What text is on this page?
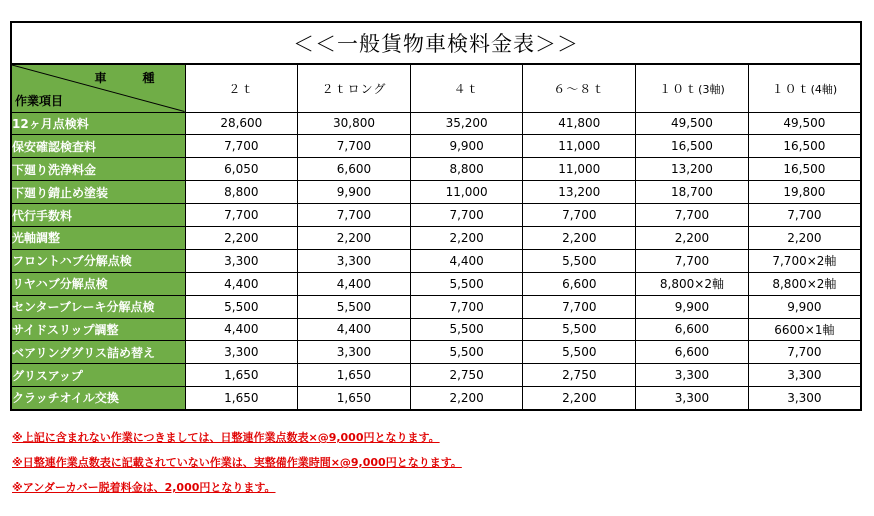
＜＜一般貨物車検料金表＞＞
車　種
作業項目	２ｔ	２ｔロング	４ｔ	６～８ｔ	１０ｔ(3軸)	１０ｔ(4軸)
12ヶ月点検料	28,600	30,800	35,200	41,800	49,500	49,500
保安確認検査料	7,700	7,700	9,900	11,000	16,500	16,500
下廻り洗浄料金	6,050	6,600	8,800	11,000	13,200	16,500
下廻り錆止め塗装	8,800	9,900	11,000	13,200	18,700	19,800
代行手数料	7,700	7,700	7,700	7,700	7,700	7,700
光軸調整	2,200	2,200	2,200	2,200	2,200	2,200
フロントハブ分解点検	3,300	3,300	4,400	5,500	7,700	7,700×2軸
リヤハブ分解点検	4,400	4,400	5,500	6,600	8,800×2軸	8,800×2軸
センターブレーキ分解点検	5,500	5,500	7,700	7,700	9,900	9,900
サイドスリップ調整	4,400	4,400	5,500	5,500	6,600	6600×1軸
ベアリンググリス詰め替え	3,300	3,300	5,500	5,500	6,600	7,700
グリスアップ	1,650	1,650	2,750	2,750	3,300	3,300
クラッチオイル交換	1,650	1,650	2,200	2,200	3,300	3,300
※上記に含まれない作業につきましては、日整連作業点数表×@9,000円となります。
※日整連作業点数表に記載されていない作業は、実整備作業時間×@9,000円となります。
※アンダーカバー脱着料金は、2,000円となります。
